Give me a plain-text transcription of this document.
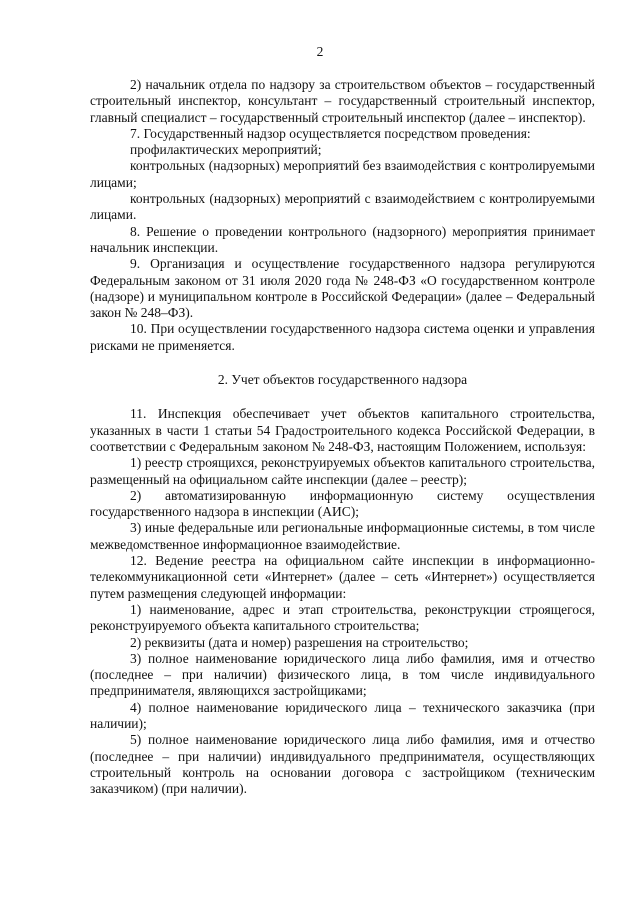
2

2) начальник отдела по надзору за строительством объектов – государственный строительный инспектор, консультант – государственный строительный инспектор, главный специалист – государственный строительный инспектор (далее – инспектор).

7. Государственный надзор осуществляется посредством проведения:

профилактических мероприятий;

контрольных (надзорных) мероприятий без взаимодействия с контролируемыми лицами;

контрольных (надзорных) мероприятий с взаимодействием с контролируемыми лицами.

8. Решение о проведении контрольного (надзорного) мероприятия принимает начальник инспекции.

9. Организация и осуществление государственного надзора регулируются Федеральным законом от 31 июля 2020 года № 248-ФЗ «О государственном контроле (надзоре) и муниципальном контроле в Российской Федерации» (далее – Федеральный закон № 248–ФЗ).

10. При осуществлении государственного надзора система оценки и управления рисками не применяется.

2. Учет объектов государственного надзора

11. Инспекция обеспечивает учет объектов капитального строительства, указанных в части 1 статьи 54 Градостроительного кодекса Российской Федерации, в соответствии с Федеральным законом № 248-ФЗ, настоящим Положением, используя:

1) реестр строящихся, реконструируемых объектов капитального строительства, размещенный на официальном сайте инспекции (далее – реестр);

2) автоматизированную информационную систему осуществления государственного надзора в инспекции (АИС);

3) иные федеральные или региональные информационные системы, в том числе межведомственное информационное взаимодействие.

12. Ведение реестра на официальном сайте инспекции в информационно-телекоммуникационной сети «Интернет» (далее – сеть «Интернет») осуществляется путем размещения следующей информации:

1) наименование, адрес и этап строительства, реконструкции строящегося, реконструируемого объекта капитального строительства;

2) реквизиты (дата и номер) разрешения на строительство;

3) полное наименование юридического лица либо фамилия, имя и отчество (последнее – при наличии) физического лица, в том числе индивидуального предпринимателя, являющихся застройщиками;

4) полное наименование юридического лица – технического заказчика (при наличии);

5) полное наименование юридического лица либо фамилия, имя и отчество (последнее – при наличии) индивидуального предпринимателя, осуществляющих строительный контроль на основании договора с застройщиком (техническим заказчиком) (при наличии).
